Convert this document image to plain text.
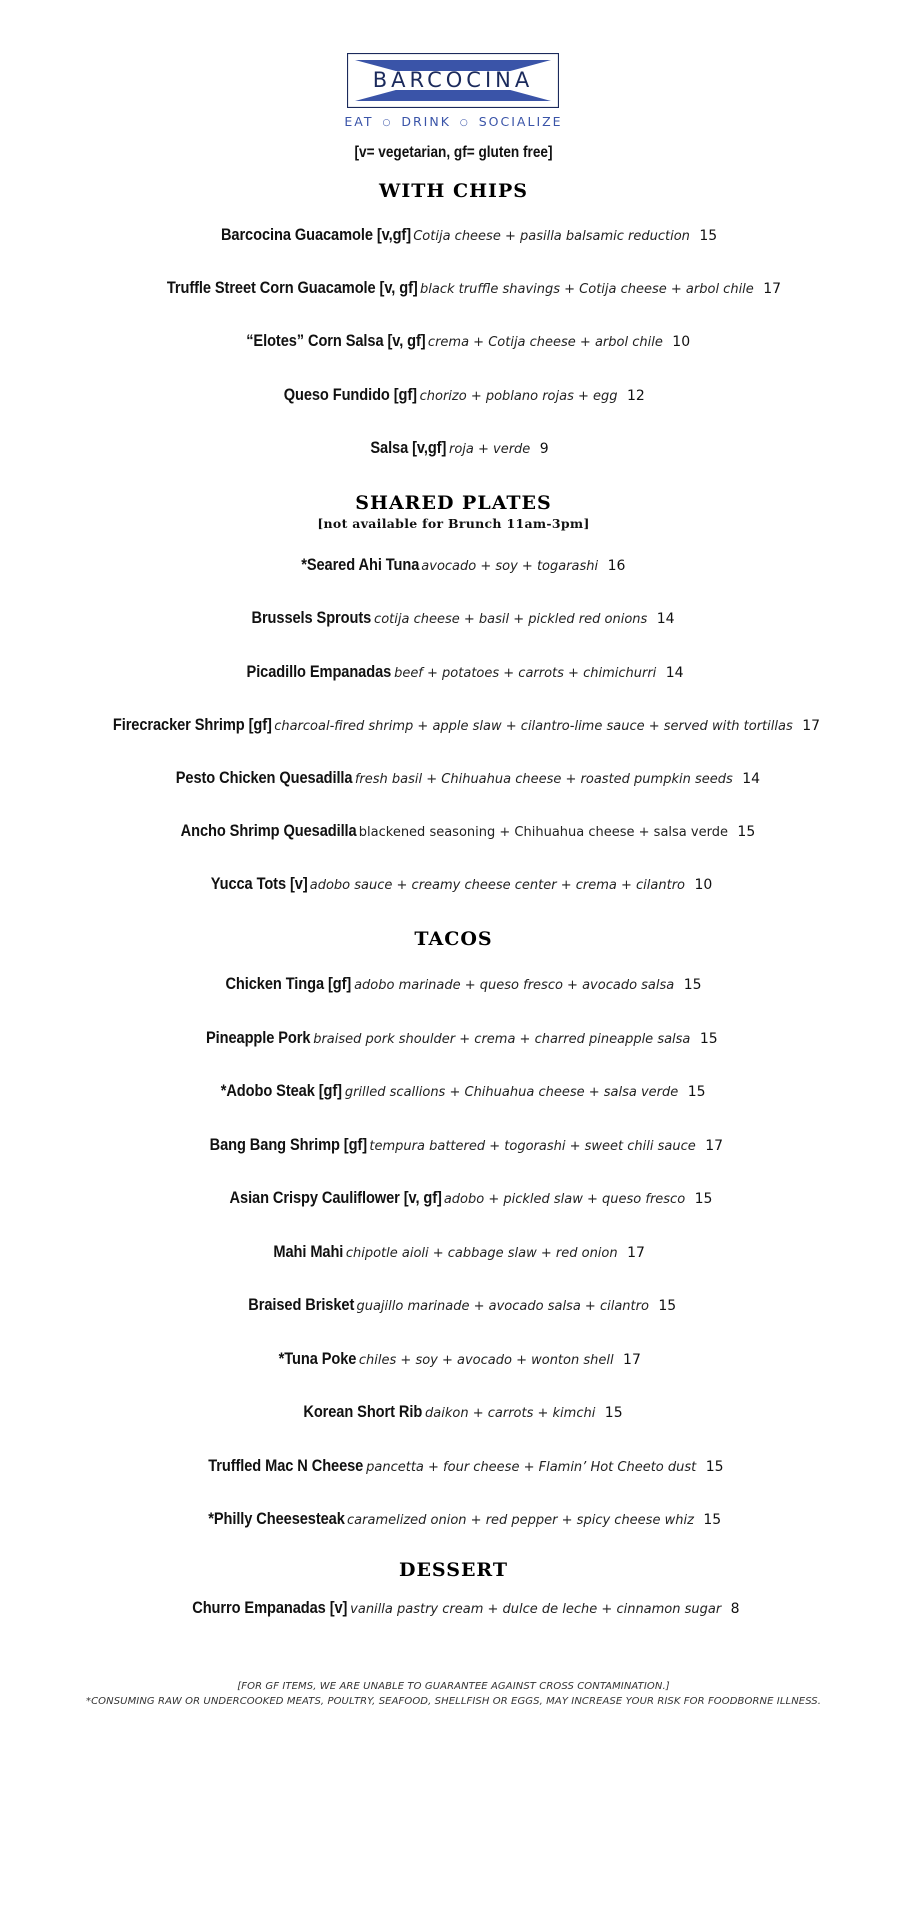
BARCOCINA
EAT ○ DRINK ○ SOCIALIZE
[v= vegetarian, gf= gluten free]
WITH CHIPS
Barcocina Guacamole [v,gf] Cotija cheese + pasilla balsamic reduction 15
Truffle Street Corn Guacamole [v, gf] black truffle shavings + Cotija cheese + arbol chile 17
“Elotes” Corn Salsa [v, gf] crema + Cotija cheese + arbol chile 10
Queso Fundido [gf] chorizo + poblano rojas + egg 12
Salsa [v,gf] roja + verde 9
SHARED PLATES
[not available for Brunch 11am-3pm]
*Seared Ahi Tuna avocado + soy + togarashi 16
Brussels Sprouts cotija cheese + basil + pickled red onions 14
Picadillo Empanadas beef + potatoes + carrots + chimichurri 14
Firecracker Shrimp [gf] charcoal-fired shrimp + apple slaw + cilantro-lime sauce + served with tortillas 17
Pesto Chicken Quesadilla fresh basil + Chihuahua cheese + roasted pumpkin seeds 14
Ancho Shrimp Quesadilla blackened seasoning + Chihuahua cheese + salsa verde 15
Yucca Tots [v] adobo sauce + creamy cheese center + crema + cilantro 10
TACOS
Chicken Tinga [gf] adobo marinade + queso fresco + avocado salsa 15
Pineapple Pork braised pork shoulder + crema + charred pineapple salsa 15
*Adobo Steak [gf] grilled scallions + Chihuahua cheese + salsa verde 15
Bang Bang Shrimp [gf] tempura battered + togorashi + sweet chili sauce 17
Asian Crispy Cauliflower [v, gf] adobo + pickled slaw + queso fresco 15
Mahi Mahi chipotle aioli + cabbage slaw + red onion 17
Braised Brisket guajillo marinade + avocado salsa + cilantro 15
*Tuna Poke chiles + soy + avocado + wonton shell 17
Korean Short Rib daikon + carrots + kimchi 15
Truffled Mac N Cheese pancetta + four cheese + Flamin’ Hot Cheeto dust 15
*Philly Cheesesteak caramelized onion + red pepper + spicy cheese whiz 15
DESSERT
Churro Empanadas [v] vanilla pastry cream + dulce de leche + cinnamon sugar 8
[FOR GF ITEMS, WE ARE UNABLE TO GUARANTEE AGAINST CROSS CONTAMINATION.]
*CONSUMING RAW OR UNDERCOOKED MEATS, POULTRY, SEAFOOD, SHELLFISH OR EGGS, MAY INCREASE YOUR RISK FOR FOODBORNE ILLNESS.
